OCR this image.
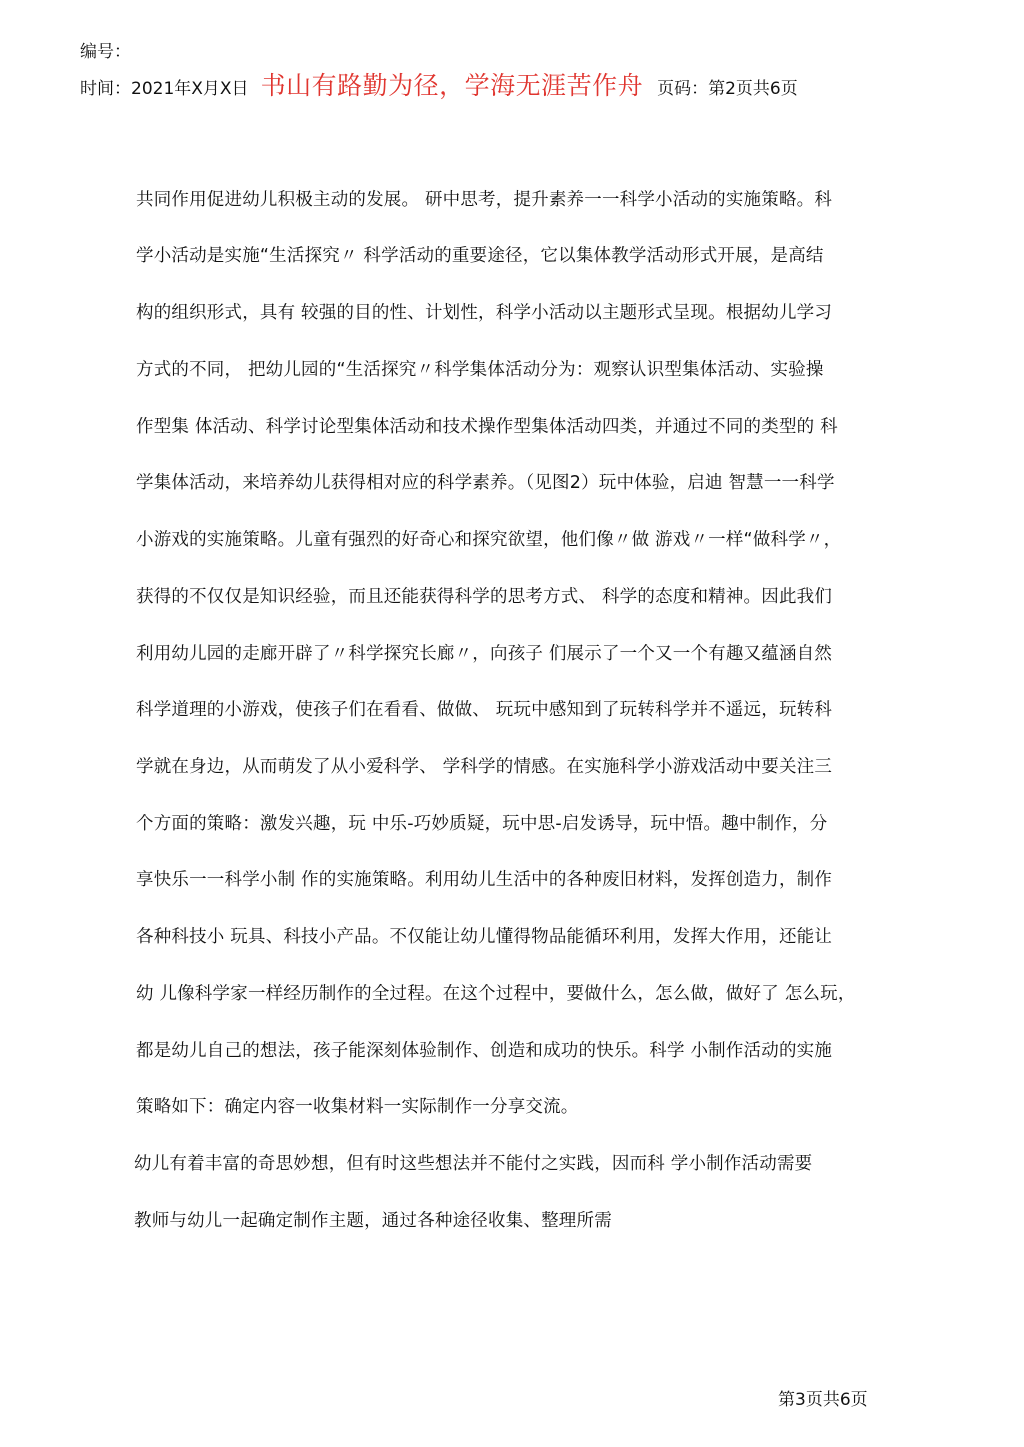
编号：
时间： 2021年X月X日 书山有路勤为径，学海无涯苦作舟 页码：第2页共6页
共同作用促进幼儿积极主动的发展。 研中思考，提升素养一一科学小活动的实施策略。科
学小活动是实施“生活探究〃 科学活动的重要途径，它以集体教学活动形式开展，是高结
构的组织形式，具有 较强的目的性、计划性，科学小活动以主题形式呈现。根据幼儿学习
方式的不同， 把幼儿园的“生活探究〃科学集体活动分为：观察认识型集体活动、实验操
作型集 体活动、科学讨论型集体活动和技术操作型集体活动四类，并通过不同的类型的 科
学集体活动，来培养幼儿获得相对应的科学素养。（见图2）玩中体验，启迪 智慧一一科学
小游戏的实施策略。儿童有强烈的好奇心和探究欲望，他们像〃做 游戏〃一样“做科学〃，
获得的不仅仅是知识经验，而且还能获得科学的思考方式、 科学的态度和精神。因此我们
利用幼儿园的走廊开辟了〃科学探究长廊〃，向孩子 们展示了一个又一个有趣又蕴涵自然
科学道理的小游戏，使孩子们在看看、做做、 玩玩中感知到了玩转科学并不遥远，玩转科
学就在身边，从而萌发了从小爱科学、 学科学的情感。在实施科学小游戏活动中要关注三
个方面的策略：激发兴趣，玩 中乐-巧妙质疑，玩中思-启发诱导，玩中悟。趣中制作，分
享快乐一一科学小制 作的实施策略。利用幼儿生活中的各种废旧材料，发挥创造力，制作
各种科技小 玩具、科技小产品。不仅能让幼儿懂得物品能循环利用，发挥大作用，还能让
幼 儿像科学家一样经历制作的全过程。在这个过程中，要做什么，怎么做，做好了 怎么玩，
都是幼儿自己的想法，孩子能深刻体验制作、创造和成功的快乐。科学 小制作活动的实施
策略如下：确定内容一收集材料一实际制作一分享交流。
幼儿有着丰富的奇思妙想，但有时这些想法并不能付之实践，因而科 学小制作活动需要
教师与幼儿一起确定制作主题，通过各种途径收集、整理所需
第3页共6页
